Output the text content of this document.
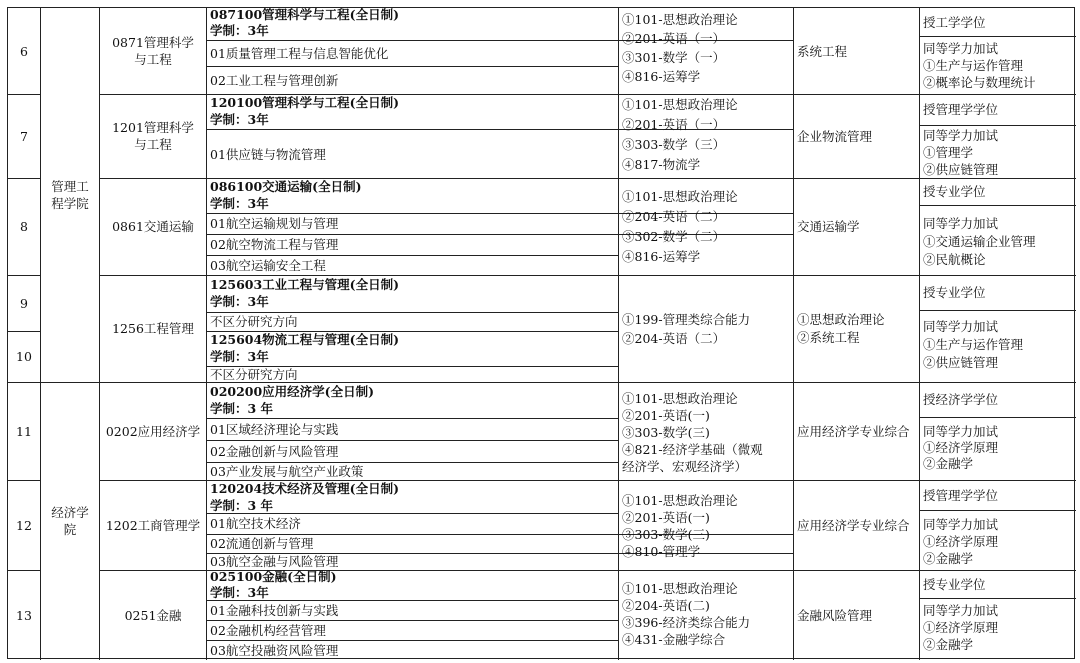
6
7
8
9
10
11
12
13
管理工程学院
经济学院
0871管理科学与工程
1201管理科学与工程
0861交通运输
1256工程管理
0202应用经济学
1202工商管理学
0251金融
087100管理科学与工程(全日制)
学制：3年
01质量管理工程与信息智能优化
02工业工程与管理创新
120100管理科学与工程(全日制)
学制：3年
01供应链与物流管理
086100交通运输(全日制)
学制：3年
01航空运输规划与管理
02航空物流工程与管理
03航空运输安全工程
125603工业工程与管理(全日制)
学制：3年
不区分研究方向
125604物流工程与管理(全日制)
学制：3年
不区分研究方向
020200应用经济学(全日制)
学制：3 年
01区域经济理论与实践
02金融创新与风险管理
03产业发展与航空产业政策
120204技术经济及管理(全日制)
学制：3 年
01航空技术经济
02流通创新与管理
03航空金融与风险管理
025100金融(全日制)
学制：3年
01金融科技创新与实践
02金融机构经营管理
03航空投融资风险管理
①101-思想政治理论
②201-英语（一）
③301-数学（一）
④816-运筹学
①101-思想政治理论
②201-英语（一）
③303-数学（三）
④817-物流学
①101-思想政治理论
②204-英语（二）
③302-数学（二）
④816-运筹学
①199-管理类综合能力
②204-英语（二）
①101-思想政治理论
②201-英语(一)
③303-数学(三)
④821-经济学基础（微观
经济学、宏观经济学）
①101-思想政治理论
②201-英语(一)
③303-数学(三)
④810-管理学
①101-思想政治理论
②204-英语(二)
③396-经济类综合能力
④431-金融学综合
系统工程
企业物流管理
交通运输学
①思想政治理论
②系统工程
应用经济学专业综合
应用经济学专业综合
金融风险管理
授工学学位
同等学力加试
①生产与运作管理
②概率论与数理统计
授管理学学位
同等学力加试
①管理学
②供应链管理
授专业学位
同等学力加试
①交通运输企业管理
②民航概论
授专业学位
同等学力加试
①生产与运作管理
②供应链管理
授经济学学位
同等学力加试
①经济学原理
②金融学
授管理学学位
同等学力加试
①经济学原理
②金融学
授专业学位
同等学力加试
①经济学原理
②金融学
